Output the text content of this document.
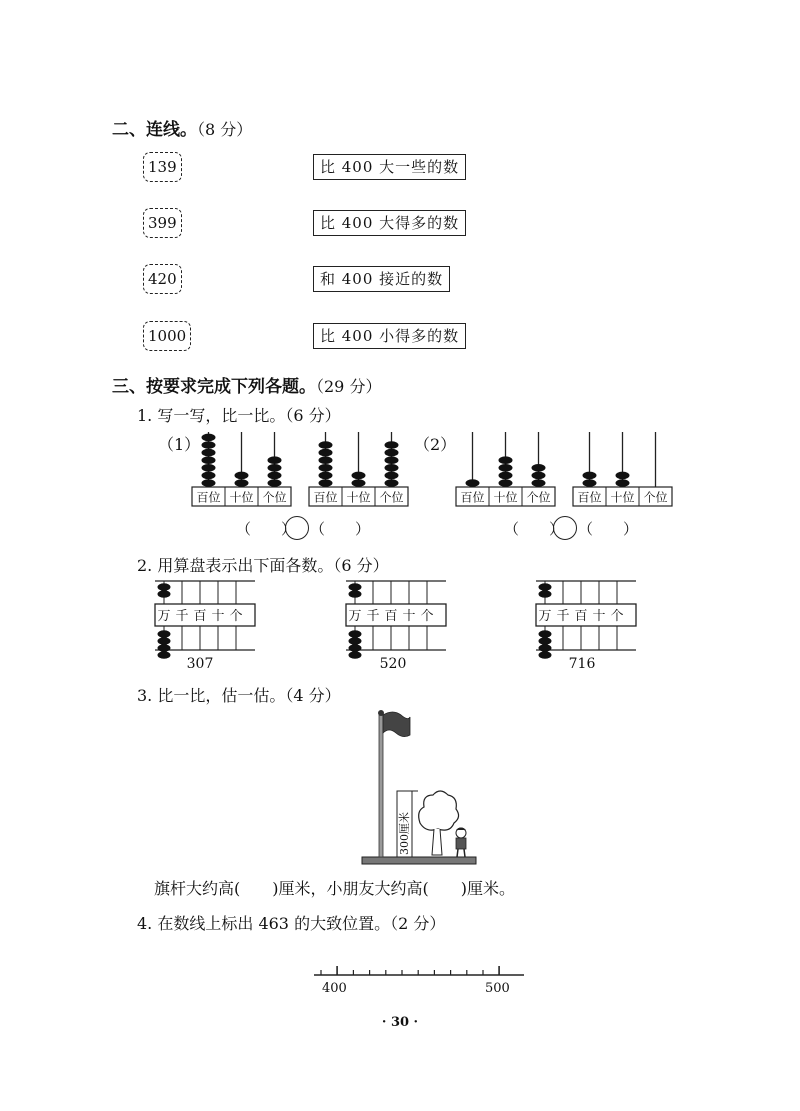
二、连线。（8 分）
139
399
420
1000
比 400 大一些的数
比 400 大得多的数
和 400 接近的数
比 400 小得多的数
三、按要求完成下列各题。（29 分）
1. 写一写，比一比。（6 分）
（1）	（2）
百位 十位 个位 百位 十位 个位	百位 十位 个位 百位 十位 个位
（　　） （　　）	（　　） （　　）
2. 用算盘表示出下面各数。（6 分）
万 千 百 十 个	万 千 百 十 个	万 千 百 十 个
307	520	716
3. 比一比，估一估。（4 分）
300厘米
旗杆大约高(　　)厘米，小朋友大约高(　　)厘米。
4. 在数线上标出 463 的大致位置。（2 分）
400	500
· 30 ·
